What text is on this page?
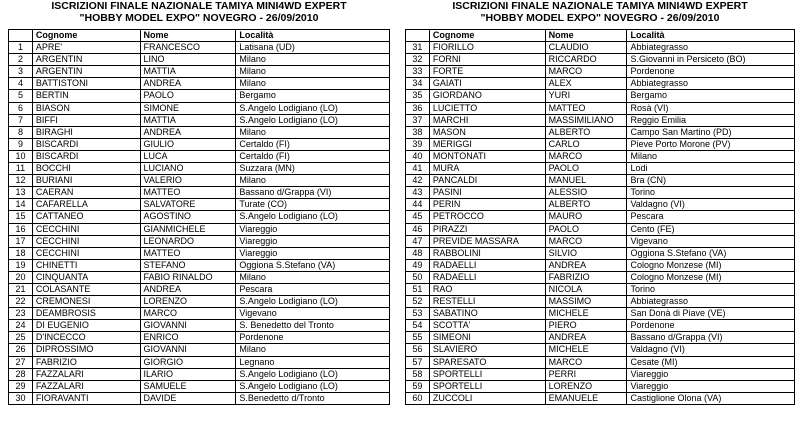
ISCRIZIONI FINALE NAZIONALE TAMIYA MINI4WD EXPERT
"HOBBY MODEL EXPO" NOVEGRO - 26/09/2010
	Cognome	Nome	Località
1	APRE'	FRANCESCO	Latisana (UD)
2	ARGENTIN	LINO	Milano
3	ARGENTIN	MATTIA	Milano
4	BATTISTONI	ANDREA	Milano
5	BERTIN	PAOLO	Bergamo
6	BIASON	SIMONE	S.Angelo Lodigiano (LO)
7	BIFFI	MATTIA	S.Angelo Lodigiano (LO)
8	BIRAGHI	ANDREA	Milano
9	BISCARDI	GIULIO	Certaldo (FI)
10	BISCARDI	LUCA	Certaldo (FI)
11	BOCCHI	LUCIANO	Suzzara (MN)
12	BURIANI	VALERIO	Milano
13	CAERAN	MATTEO	Bassano d/Grappa (VI)
14	CAFARELLA	SALVATORE	Turate (CO)
15	CATTANEO	AGOSTINO	S.Angelo Lodigiano (LO)
16	CECCHINI	GIANMICHELE	Viareggio
17	CECCHINI	LEONARDO	Viareggio
18	CECCHINI	MATTEO	Viareggio
19	CHINETTI	STEFANO	Oggiona S.Stefano (VA)
20	CINQUANTA	FABIO RINALDO	Milano
21	COLASANTE	ANDREA	Pescara
22	CREMONESI	LORENZO	S.Angelo Lodigiano (LO)
23	DEAMBROSIS	MARCO	Vigevano
24	DI EUGENIO	GIOVANNI	S. Benedetto del Tronto
25	D'INCECCO	ENRICO	Pordenone
26	DIPROSSIMO	GIOVANNI	Milano
27	FABRIZIO	GIORGIO	Legnano
28	FAZZALARI	ILARIO	S.Angelo Lodigiano (LO)
29	FAZZALARI	SAMUELE	S.Angelo Lodigiano (LO)
30	FIORAVANTI	DAVIDE	S.Benedetto d/Tronto
ISCRIZIONI FINALE NAZIONALE TAMIYA MINI4WD EXPERT
"HOBBY MODEL EXPO" NOVEGRO - 26/09/2010
	Cognome	Nome	Località
31	FIORILLO	CLAUDIO	Abbiategrasso
32	FORNI	RICCARDO	S.Giovanni in Persiceto (BO)
33	FORTE	MARCO	Pordenone
34	GAIATI	ALEX	Abbiategrasso
35	GIORDANO	YURI	Bergamo
36	LUCIETTO	MATTEO	Rosà (VI)
37	MARCHI	MASSIMILIANO	Reggio Emilia
38	MASON	ALBERTO	Campo San Martino (PD)
39	MERIGGI	CARLO	Pieve Porto Morone (PV)
40	MONTONATI	MARCO	Milano
41	MURA	PAOLO	Lodi
42	PANCALDI	MANUEL	Bra (CN)
43	PASINI	ALESSIO	Torino
44	PERIN	ALBERTO	Valdagno (VI)
45	PETROCCO	MAURO	Pescara
46	PIRAZZI	PAOLO	Cento (FE)
47	PREVIDE MASSARA	MARCO	Vigevano
48	RABBOLINI	SILVIO	Oggiona S.Stefano (VA)
49	RADAELLI	ANDREA	Cologno Monzese (MI)
50	RADAELLI	FABRIZIO	Cologno Monzese (MI)
51	RAO	NICOLA	Torino
52	RESTELLI	MASSIMO	Abbiategrasso
53	SABATINO	MICHELE	San Donà di Piave (VE)
54	SCOTTA'	PIERO	Pordenone
55	SIMEONI	ANDREA	Bassano d/Grappa (VI)
56	SLAVIERO	MICHELE	Valdagno (VI)
57	SPARESATO	MARCO	Cesate (MI)
58	SPORTELLI	PERRI	Viareggio
59	SPORTELLI	LORENZO	Viareggio
60	ZUCCOLI	EMANUELE	Castiglione Olona (VA)
